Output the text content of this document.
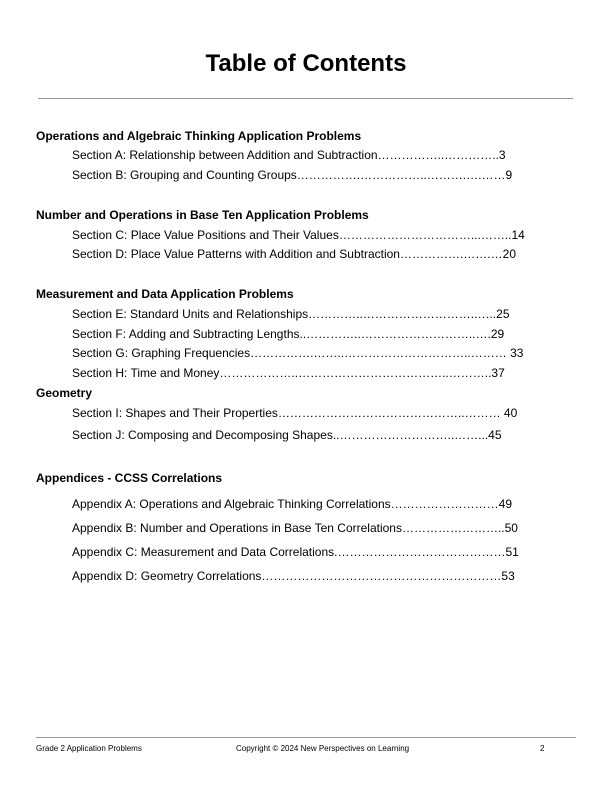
Table of Contents
Operations and Algebraic Thinking Application Problems
Section A: Relationship between Addition and Subtraction……………..…………..3
Section B: Grouping and Counting Groups…………….……………..……….….……9
Number and Operations in Base Ten Application Problems
Section C: Place Value Positions and Their Values……………………………...……..14
Section D: Place Value Patterns with Addition and Subtraction…………….…….…20
Measurement and Data Application Problems
Section E: Standard Units and Relationships…………..………………………..…..25
Section F: Adding and Subtracting Lengths..…………..………………………..….29
Section G: Graphing Frequencies…………….……..…………………………..……… 33
Section H: Time and Money………………..………………………………..………..37
Geometry
Section I: Shapes and Their Properties………………………………………..……… 40
Section J: Composing and Decomposing Shapes..………………………..……...45
Appendices - CCSS Correlations
Appendix A: Operations and Algebraic Thinking Correlations………………………49
Appendix B: Number and Operations in Base Ten Correlations……………………..50
Appendix C: Measurement and Data Correlations.……………………………………51
Appendix D: Geometry Correlations……………………………………………………53
Grade 2 Application Problems	Copyright © 2024 New Perspectives on Learning	2
